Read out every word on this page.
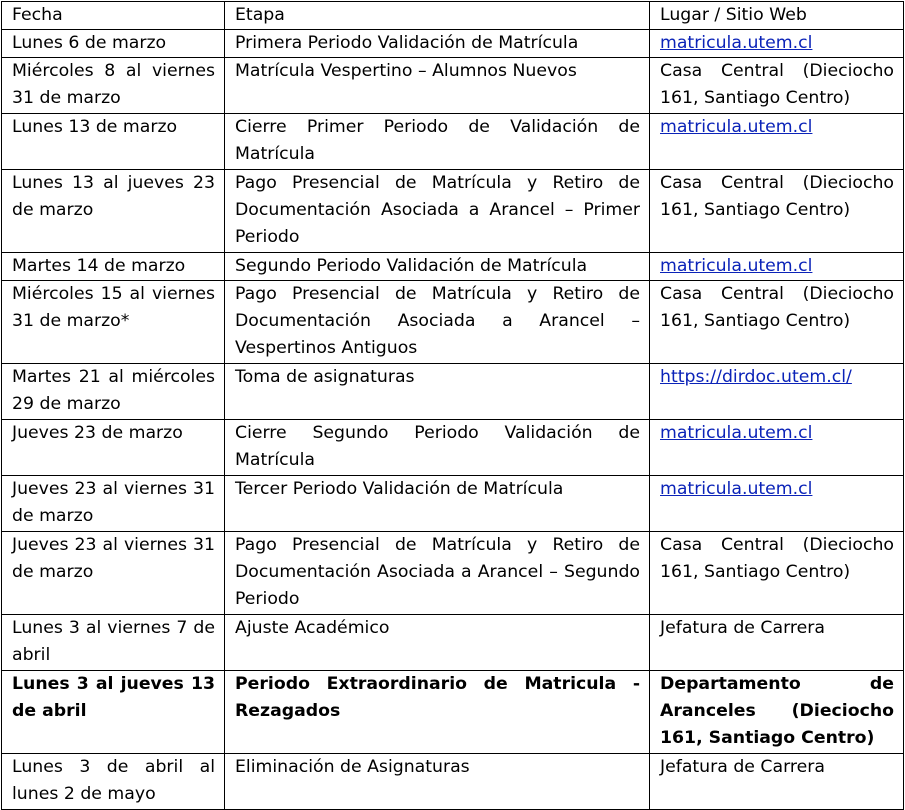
Fecha	Etapa	Lugar / Sitio Web
Lunes 6 de marzo	Primera Periodo Validación de Matrícula	matricula.utem.cl
Miércoles 8 al viernes 31 de marzo	Matrícula Vespertino – Alumnos Nuevos	Casa Central (Dieciocho 161, Santiago Centro)
Lunes 13 de marzo	Cierre Primer Periodo de Validación de Matrícula	matricula.utem.cl
Lunes 13 al jueves 23 de marzo	Pago Presencial de Matrícula y Retiro de Documentación Asociada a Arancel – Primer Periodo	Casa Central (Dieciocho 161, Santiago Centro)
Martes 14 de marzo	Segundo Periodo Validación de Matrícula	matricula.utem.cl
Miércoles 15 al viernes 31 de marzo*	Pago Presencial de Matrícula y Retiro de Documentación Asociada a Arancel – Vespertinos Antiguos	Casa Central (Dieciocho 161, Santiago Centro)
Martes 21 al miércoles 29 de marzo	Toma de asignaturas	https://dirdoc.utem.cl/
Jueves 23 de marzo	Cierre Segundo Periodo Validación de Matrícula	matricula.utem.cl
Jueves 23 al viernes 31 de marzo	Tercer Periodo Validación de Matrícula	matricula.utem.cl
Jueves 23 al viernes 31 de marzo	Pago Presencial de Matrícula y Retiro de Documentación Asociada a Arancel – Segundo Periodo	Casa Central (Dieciocho 161, Santiago Centro)
Lunes 3 al viernes 7 de abril	Ajuste Académico	Jefatura de Carrera
Lunes 3 al jueves 13 de abril	Periodo Extraordinario de Matricula - Rezagados	Departamento de Aranceles (Dieciocho 161, Santiago Centro)
Lunes 3 de abril al lunes 2 de mayo	Eliminación de Asignaturas	Jefatura de Carrera
